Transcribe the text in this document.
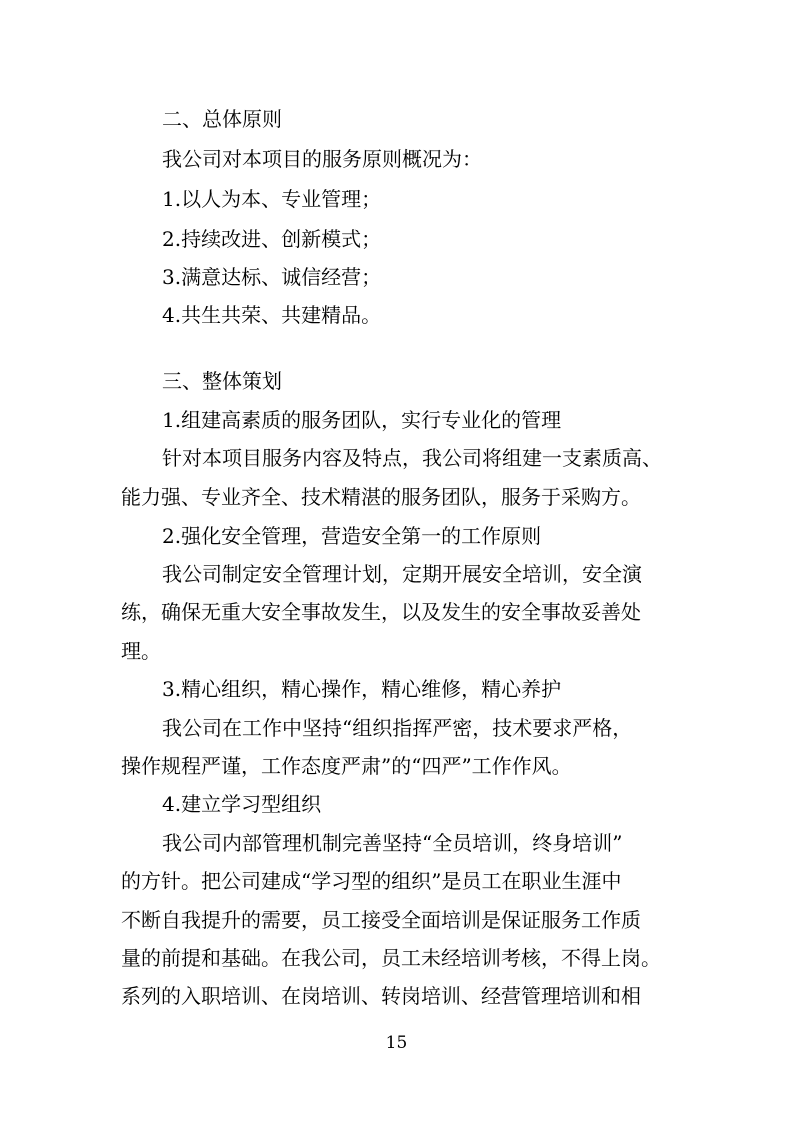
二、总体原则
我公司对本项目的服务原则概况为：
1.以人为本、专业管理；
2.持续改进、创新模式；
3.满意达标、诚信经营；
4.共生共荣、共建精品。
三、整体策划
1.组建高素质的服务团队，实行专业化的管理
针对本项目服务内容及特点，我公司将组建一支素质高、
能力强、专业齐全、技术精湛的服务团队，服务于采购方。
2.强化安全管理，营造安全第一的工作原则
我公司制定安全管理计划，定期开展安全培训，安全演
练，确保无重大安全事故发生，以及发生的安全事故妥善处
理。
3.精心组织，精心操作，精心维修，精心养护
我公司在工作中坚持“组织指挥严密，技术要求严格，
操作规程严谨，工作态度严肃”的“四严”工作作风。
4.建立学习型组织
我公司内部管理机制完善坚持“全员培训，终身培训”
的方针。把公司建成“学习型的组织”是员工在职业生涯中
不断自我提升的需要，员工接受全面培训是保证服务工作质
量的前提和基础。在我公司，员工未经培训考核，不得上岗。
系列的入职培训、在岗培训、转岗培训、经营管理培训和相
15
